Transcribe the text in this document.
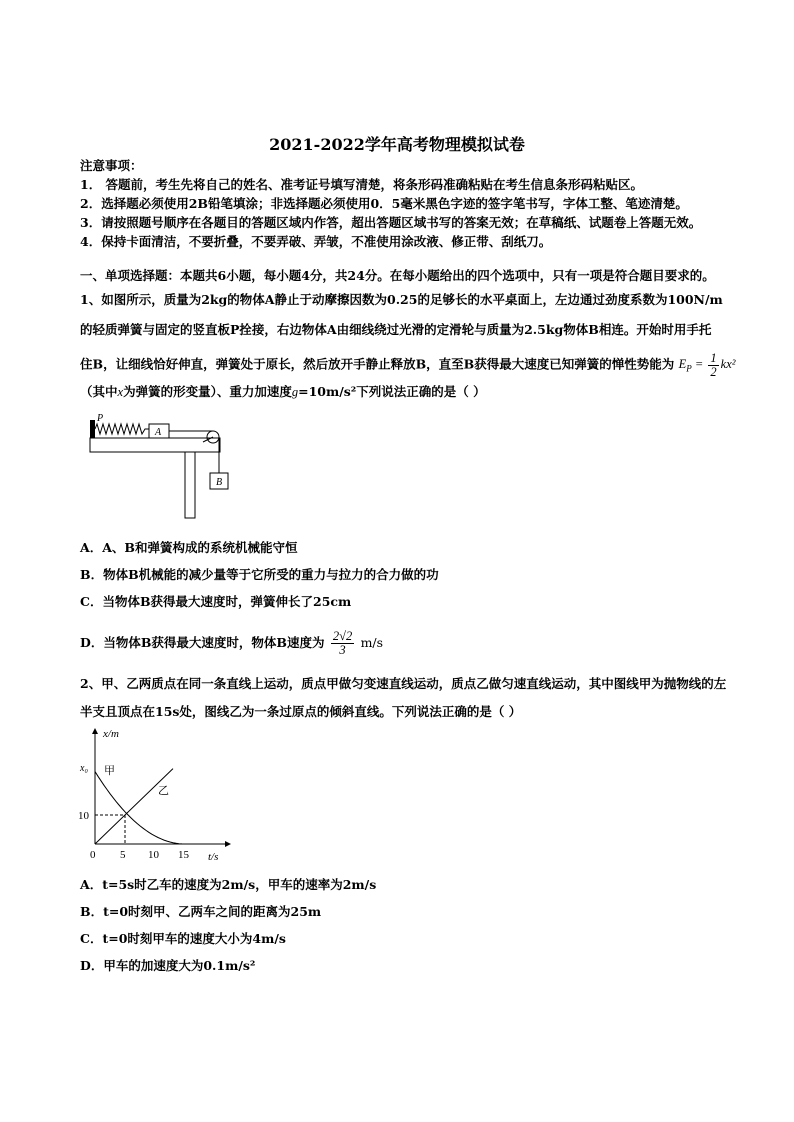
2021-2022学年高考物理模拟试卷
注意事项：
1． 答题前，考生先将自己的姓名、准考证号填写清楚，将条形码准确粘贴在考生信息条形码粘贴区。
2．选择题必须使用2B铅笔填涂；非选择题必须使用0．5毫米黑色字迹的签字笔书写，字体工整、笔迹清楚。
3．请按照题号顺序在各题目的答题区域内作答，超出答题区域书写的答案无效；在草稿纸、试题卷上答题无效。
4．保持卡面清洁，不要折叠，不要弄破、弄皱，不准使用涂改液、修正带、刮纸刀。
一、单项选择题：本题共6小题，每小题4分，共24分。在每小题给出的四个选项中，只有一项是符合题目要求的。
1、如图所示，质量为2kg的物体A静止于动摩擦因数为0.25的足够长的水平桌面上，左边通过劲度系数为100N/m
的轻质弹簧与固定的竖直板P拴接，右边物体A由细线绕过光滑的定滑轮与质量为2.5kg物体B相连。开始时用手托
住B，让细线恰好伸直，弹簧处于原长，然后放开手静止释放B，直至B获得最大速度已知弹簧的惮性势能为 $E_P = \frac{1}{2} kx^2$
（其中x为弹簧的形变量）、重力加速度g=10m/s²下列说法正确的是（ ）
P
A
B
A．A、B和弹簧构成的系统机械能守恒
B．物体B机械能的减少量等于它所受的重力与拉力的合力做的功
C．当物体B获得最大速度时，弹簧伸长了25cm
D．当物体B获得最大速度时，物体B速度为 $\frac{2√2}{3} m/s$
2、甲、乙两质点在同一条直线上运动，质点甲做匀变速直线运动，质点乙做匀速直线运动，其中图线甲为抛物线的左
半支且顶点在15s处，图线乙为一条过原点的倾斜直线。下列说法正确的是（ ）
x/m
t/s
0 5 10 15
10
x₀ 甲
乙
A．t=5s时乙车的速度为2m/s，甲车的速率为2m/s
B．t=0时刻甲、乙两车之间的距离为25m
C．t=0时刻甲车的速度大小为4m/s
D．甲车的加速度大为0.1m/s²
